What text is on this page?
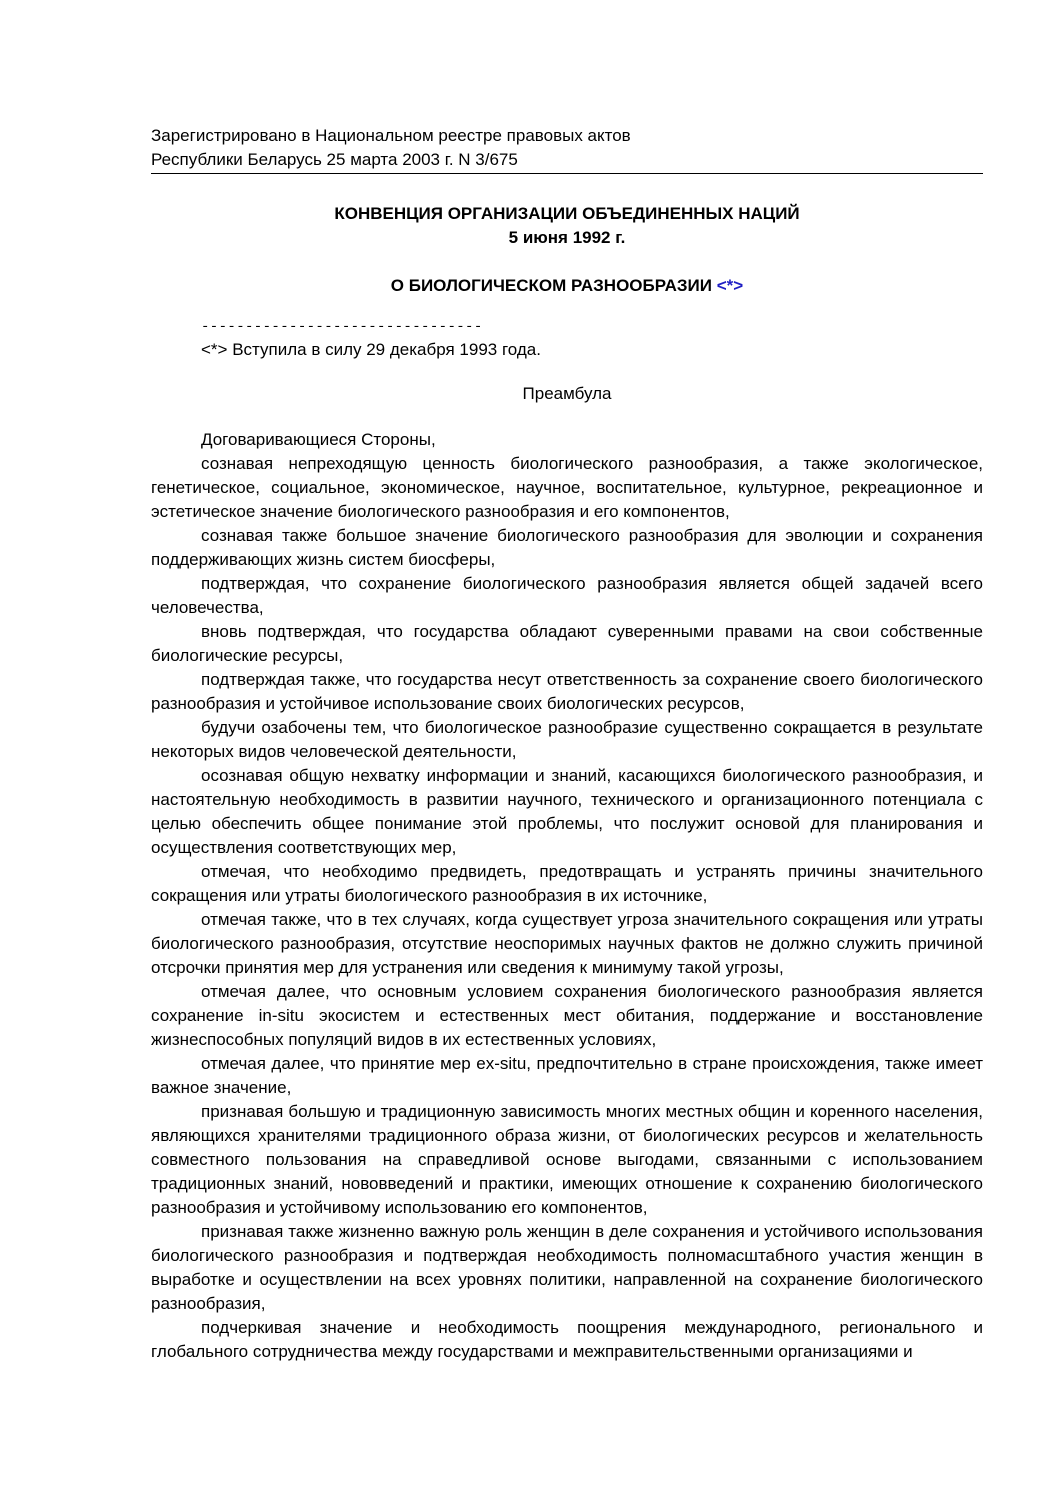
Зарегистрировано в Национальном реестре правовых актов
Республики Беларусь 25 марта 2003 г. N 3/675
КОНВЕНЦИЯ ОРГАНИЗАЦИИ ОБЪЕДИНЕННЫХ НАЦИЙ
5 июня 1992 г.
О БИОЛОГИЧЕСКОМ РАЗНООБРАЗИИ <*>
--------------------------------
<*> Вступила в силу 29 декабря 1993 года.
Преамбула
Договаривающиеся Стороны,

сознавая непреходящую ценность биологического разнообразия, а также экологическое, генетическое, социальное, экономическое, научное, воспитательное, культурное, рекреационное и эстетическое значение биологического разнообразия и его компонентов,

сознавая также большое значение биологического разнообразия для эволюции и сохранения поддерживающих жизнь систем биосферы,

подтверждая, что сохранение биологического разнообразия является общей задачей всего человечества,

вновь подтверждая, что государства обладают суверенными правами на свои собственные биологические ресурсы,

подтверждая также, что государства несут ответственность за сохранение своего биологического разнообразия и устойчивое использование своих биологических ресурсов,

будучи озабочены тем, что биологическое разнообразие существенно сокращается в результате некоторых видов человеческой деятельности,

осознавая общую нехватку информации и знаний, касающихся биологического разнообразия, и настоятельную необходимость в развитии научного, технического и организационного потенциала с целью обеспечить общее понимание этой проблемы, что послужит основой для планирования и осуществления соответствующих мер,

отмечая, что необходимо предвидеть, предотвращать и устранять причины значительного сокращения или утраты биологического разнообразия в их источнике,

отмечая также, что в тех случаях, когда существует угроза значительного сокращения или утраты биологического разнообразия, отсутствие неоспоримых научных фактов не должно служить причиной отсрочки принятия мер для устранения или сведения к минимуму такой угрозы,

отмечая далее, что основным условием сохранения биологического разнообразия является сохранение in-situ экосистем и естественных мест обитания, поддержание и восстановление жизнеспособных популяций видов в их естественных условиях,

отмечая далее, что принятие мер ex-situ, предпочтительно в стране происхождения, также имеет важное значение,

признавая большую и традиционную зависимость многих местных общин и коренного населения, являющихся хранителями традиционного образа жизни, от биологических ресурсов и желательность совместного пользования на справедливой основе выгодами, связанными с использованием традиционных знаний, нововведений и практики, имеющих отношение к сохранению биологического разнообразия и устойчивому использованию его компонентов,

признавая также жизненно важную роль женщин в деле сохранения и устойчивого использования биологического разнообразия и подтверждая необходимость полномасштабного участия женщин в выработке и осуществлении на всех уровнях политики, направленной на сохранение биологического разнообразия,

подчеркивая значение и необходимость поощрения международного, регионального и глобального сотрудничества между государствами и межправительственными организациями и
